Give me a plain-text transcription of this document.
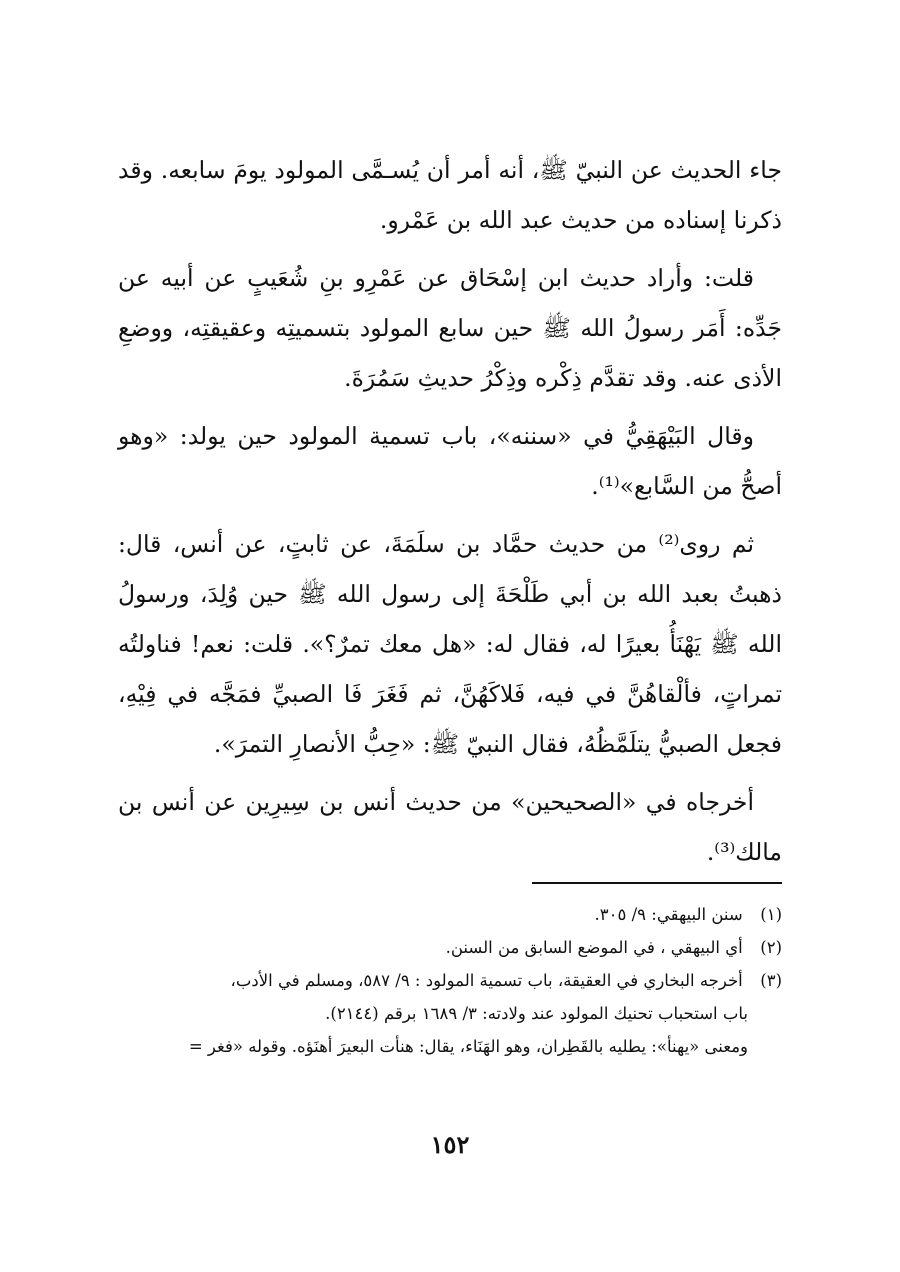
جاء الحديث عن النبيّ ﷺ، أنه أمر أن يُسـمَّى المولود يومَ سابعه. وقد ذكرنا إسناده من حديث عبد الله بن عَمْرو.

قلت: وأراد حديث ابن إسْحَاق عن عَمْرِو بنِ شُعَيبٍ عن أبيه عن جَدِّه: أَمَر رسولُ الله ﷺ حين سابع المولود بتسميتِه وعقيقتِه، ووضعِ الأذى عنه. وقد تقدَّم ذِكْره وذِكْرُ حديثِ سَمُرَةَ.

وقال البَيْهَقِيُّ في «سننه»، باب تسمية المولود حين يولد: «وهو أصحُّ من السَّابع»⁽¹⁾.

ثم روى⁽²⁾ من حديث حمَّاد بن سلَمَةَ، عن ثابتٍ، عن أنس، قال: ذهبتُ بعبد الله بن أبي طَلْحَةَ إلى رسول الله ﷺ حين وُلِدَ، ورسولُ الله ﷺ يَهْنَأُ بعيرًا له، فقال له: «هل معك تمرٌ؟». قلت: نعم! فناولتُه تمراتٍ، فألْقاهُنَّ في فيه، فَلاكَهُنَّ، ثم فَغَرَ فَا الصبيِّ فمَجَّه في فِيْهِ، فجعل الصبيُّ يتلَمَّظُهُ، فقال النبيّ ﷺ: «حِبُّ الأنصارِ التمرَ».

أخرجاه في «الصحيحين» من حديث أنس بن سِيرِين عن أنس بن مالك⁽³⁾.

(١) سنن البيهقي: ٩/ ٣٠٥.

(٢) أي البيهقي ، في الموضع السابق من السنن.

(٣) أخرجه البخاري في العقيقة، باب تسمية المولود : ٩/ ٥٨٧، ومسلم في الأدب،
باب استحباب تحنيك المولود عند ولادته: ٣/ ١٦٨٩ برقم (٢١٤٤).

ومعنى «يهنأ»: يطليه بالقَطِران، وهو الهَنَاء، يقال: هنأت البعيرَ أهنَؤه. وقوله «فغر =

١٥٢
